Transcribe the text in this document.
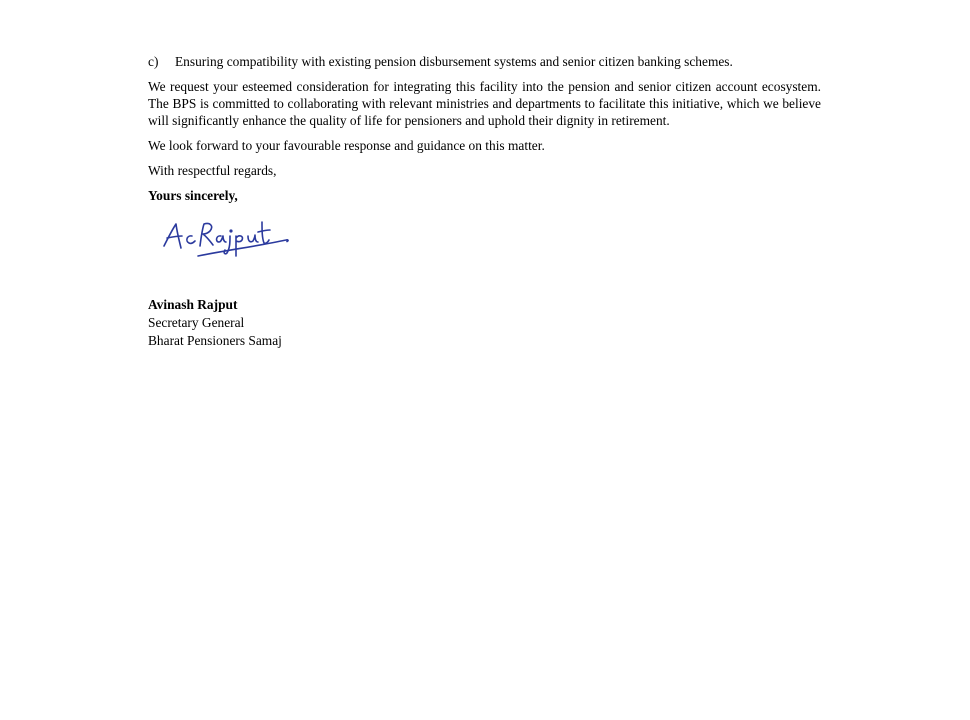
c)	Ensuring compatibility with existing pension disbursement systems and senior citizen banking schemes.

We request your esteemed consideration for integrating this facility into the pension and senior citizen account ecosystem. The BPS is committed to collaborating with relevant ministries and departments to facilitate this initiative, which we believe will significantly enhance the quality of life for pensioners and uphold their dignity in retirement.

We look forward to your favourable response and guidance on this matter.

With respectful regards,

Yours sincerely,

Avinash Rajput
Secretary General
Bharat Pensioners Samaj
